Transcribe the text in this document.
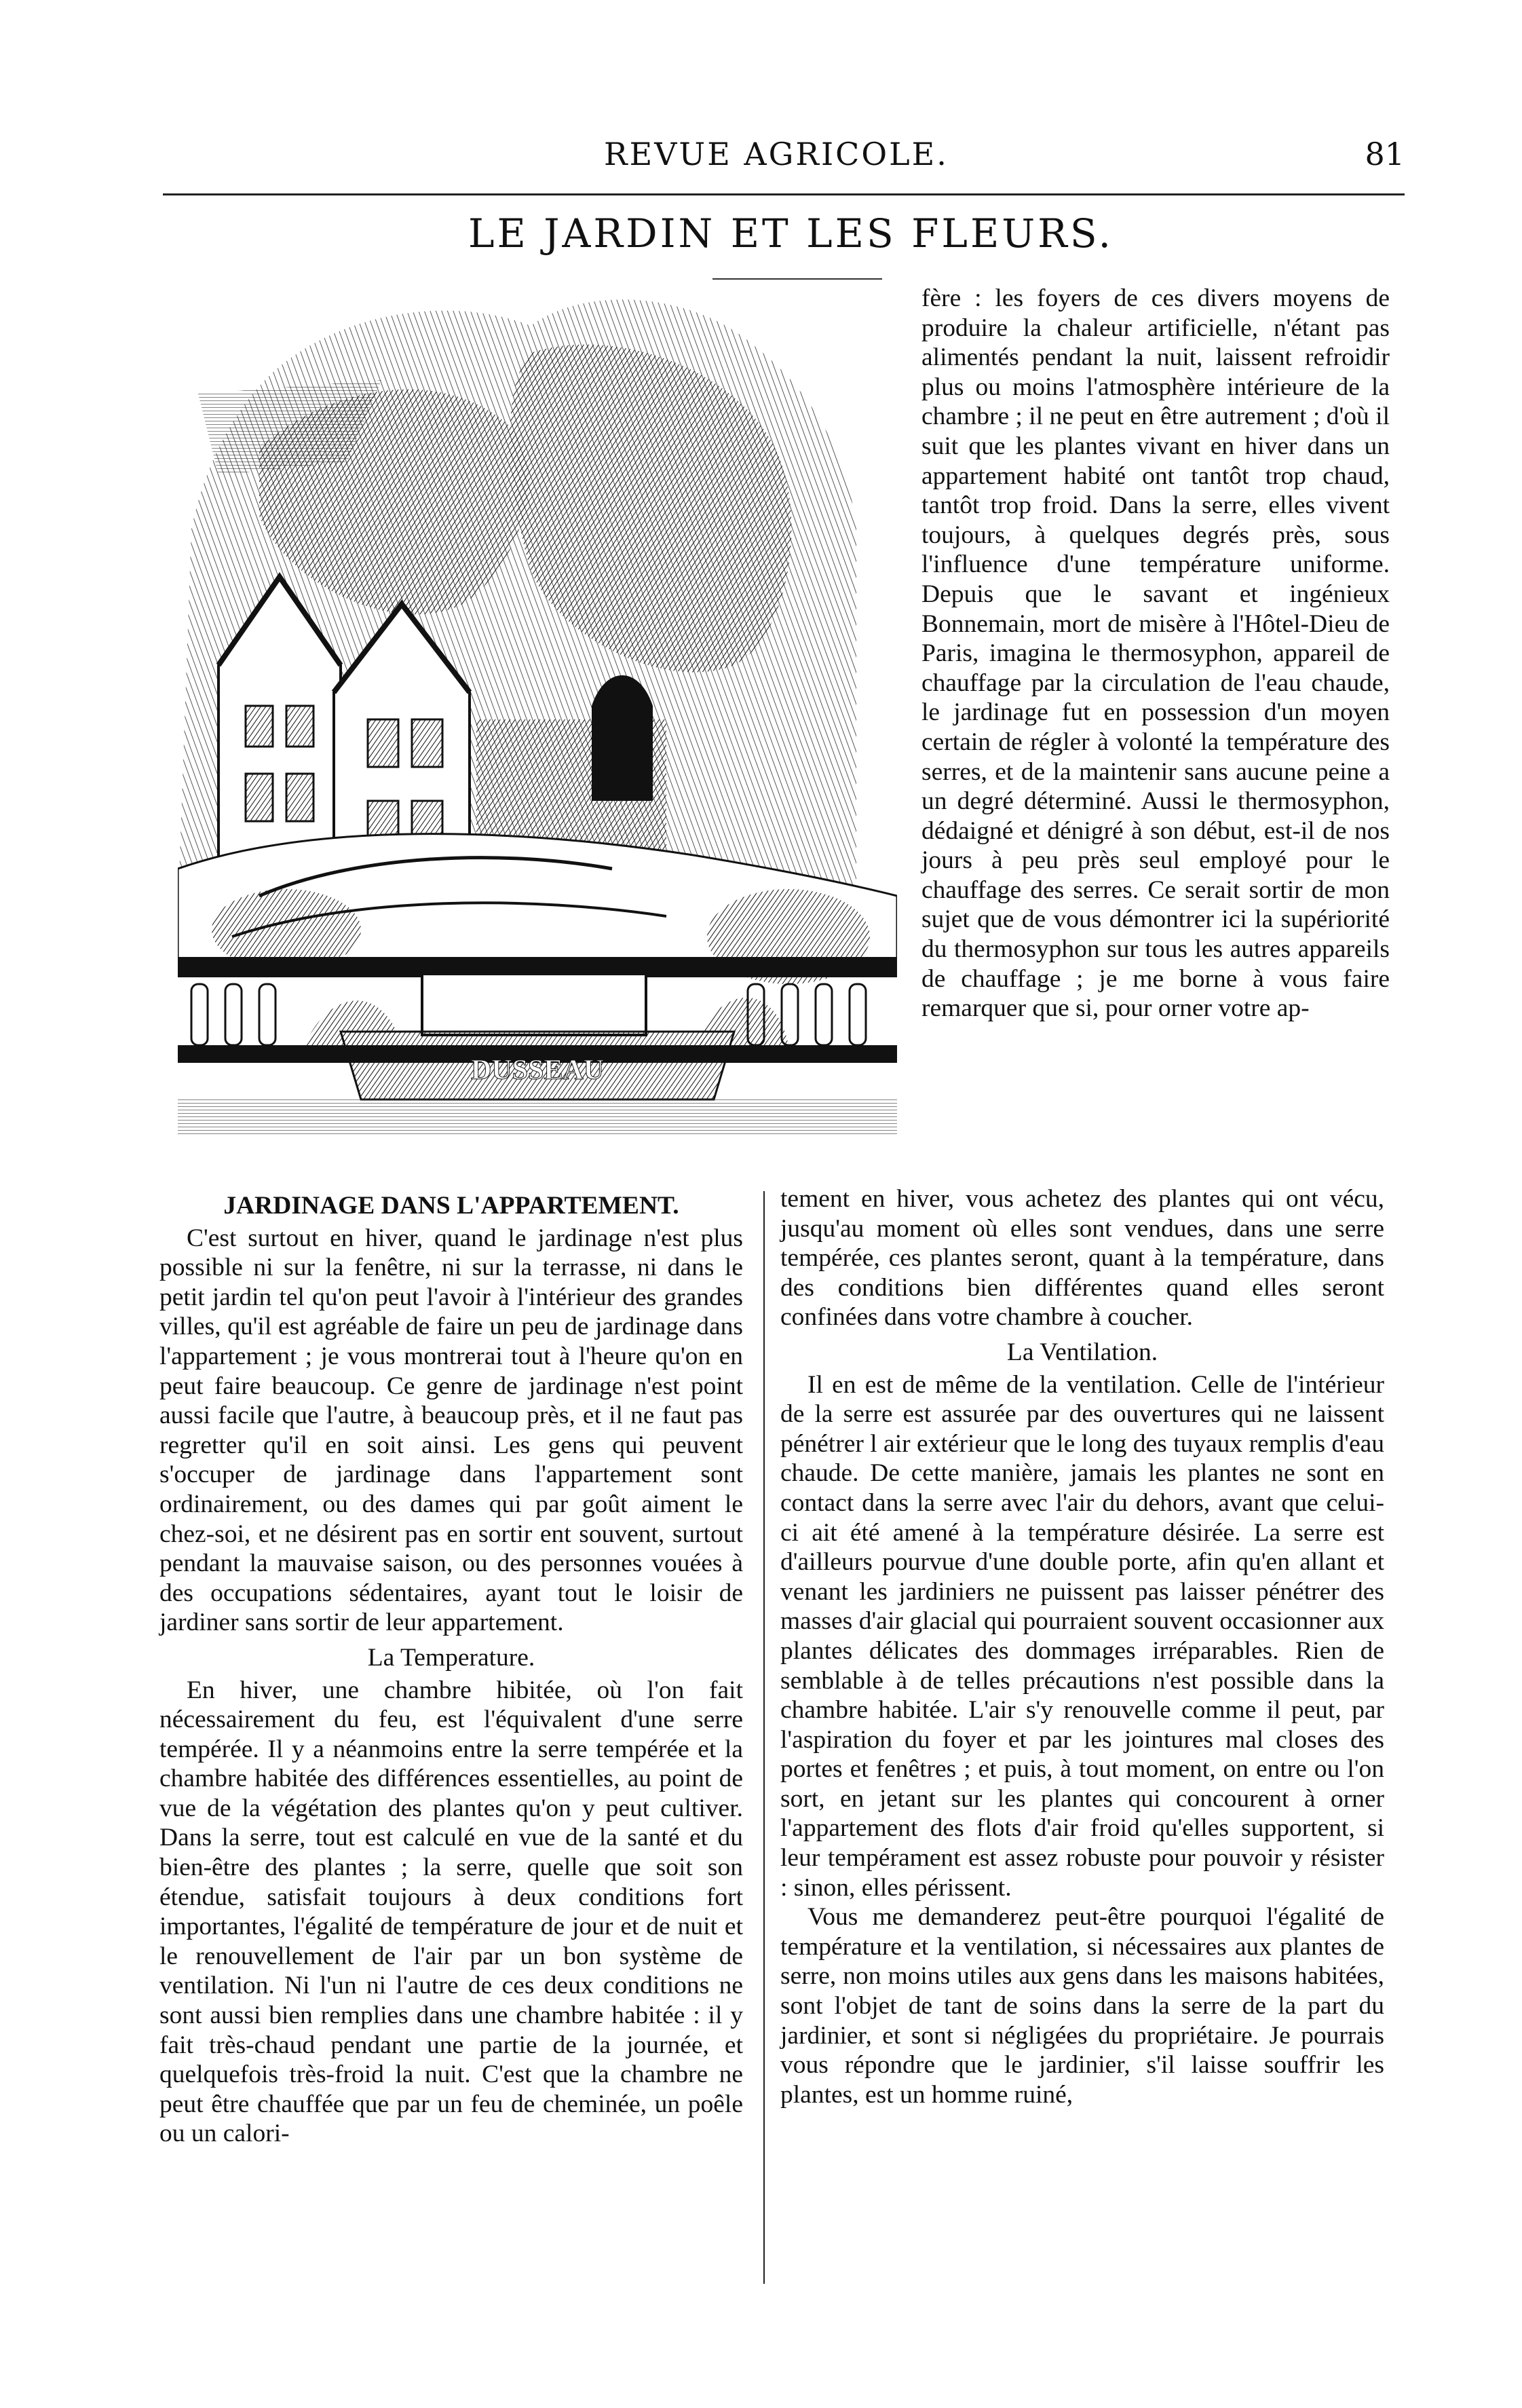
REVUE AGRICOLE.	81
LE JARDIN ET LES FLEURS.
DUSSEAU

fère : les foyers de ces divers moyens de produire la chaleur artificielle, n'étant pas alimentés pendant la nuit, laissent refroidir plus ou moins l'atmosphère intérieure de la chambre ; il ne peut en être autrement ; d'où il suit que les plantes vivant en hiver dans un appartement habité ont tantôt trop chaud, tantôt trop froid. Dans la serre, elles vivent toujours, à quelques degrés près, sous l'influence d'une température uniforme. Depuis que le savant et ingénieux Bonnemain, mort de misère à l'Hôtel-Dieu de Paris, imagina le thermosyphon, appareil de chauffage par la circulation de l'eau chaude, le jardinage fut en possession d'un moyen certain de régler à volonté la température des serres, et de la maintenir sans aucune peine a un degré déterminé. Aussi le thermosyphon, dédaigné et dénigré à son début, est-il de nos jours à peu près seul employé pour le chauffage des serres. Ce serait sortir de mon sujet que de vous démontrer ici la supériorité du thermosyphon sur tous les autres appareils de chauffage ; je me borne à vous faire remarquer que si, pour orner votre ap-

JARDINAGE DANS L'APPARTEMENT.

C'est surtout en hiver, quand le jardinage n'est plus possible ni sur la fenêtre, ni sur la terrasse, ni dans le petit jardin tel qu'on peut l'avoir à l'intérieur des grandes villes, qu'il est agréable de faire un peu de jardinage dans l'appartement ; je vous montrerai tout à l'heure qu'on en peut faire beaucoup. Ce genre de jardinage n'est point aussi facile que l'autre, à beaucoup près, et il ne faut pas regretter qu'il en soit ainsi. Les gens qui peuvent s'occuper de jardinage dans l'appartement sont ordinairement, ou des dames qui par goût aiment le chez-soi, et ne désirent pas en sortir ent souvent, surtout pendant la mauvaise saison, ou des personnes vouées à des occupations sédentaires, ayant tout le loisir de jardiner sans sortir de leur appartement.

La Temperature.

En hiver, une chambre hibitée, où l'on fait nécessairement du feu, est l'équivalent d'une serre tempérée. Il y a néanmoins entre la serre tempérée et la chambre habitée des différences essentielles, au point de vue de la végétation des plantes qu'on y peut cultiver. Dans la serre, tout est calculé en vue de la santé et du bien-être des plantes ; la serre, quelle que soit son étendue, satisfait toujours à deux conditions fort importantes, l'égalité de température de jour et de nuit et le renouvellement de l'air par un bon système de ventilation. Ni l'un ni l'autre de ces deux conditions ne sont aussi bien remplies dans une chambre habitée : il y fait très-chaud pendant une partie de la journée, et quelquefois très-froid la nuit. C'est que la chambre ne peut être chauffée que par un feu de cheminée, un poêle ou un calori-

tement en hiver, vous achetez des plantes qui ont vécu, jusqu'au moment où elles sont vendues, dans une serre tempérée, ces plantes seront, quant à la température, dans des conditions bien différentes quand elles seront confinées dans votre chambre à coucher.

La Ventilation.

Il en est de même de la ventilation. Celle de l'intérieur de la serre est assurée par des ouvertures qui ne laissent pénétrer l air extérieur que le long des tuyaux remplis d'eau chaude. De cette manière, jamais les plantes ne sont en contact dans la serre avec l'air du dehors, avant que celui-ci ait été amené à la température désirée. La serre est d'ailleurs pourvue d'une double porte, afin qu'en allant et venant les jardiniers ne puissent pas laisser pénétrer des masses d'air glacial qui pourraient souvent occasionner aux plantes délicates des dommages irréparables. Rien de semblable à de telles précautions n'est possible dans la chambre habitée. L'air s'y renouvelle comme il peut, par l'aspiration du foyer et par les jointures mal closes des portes et fenêtres ; et puis, à tout moment, on entre ou l'on sort, en jetant sur les plantes qui concourent à orner l'appartement des flots d'air froid qu'elles supportent, si leur tempérament est assez robuste pour pouvoir y résister : sinon, elles périssent.

Vous me demanderez peut-être pourquoi l'égalité de température et la ventilation, si nécessaires aux plantes de serre, non moins utiles aux gens dans les maisons habitées, sont l'objet de tant de soins dans la serre de la part du jardinier, et sont si négligées du propriétaire. Je pourrais vous répondre que le jardinier, s'il laisse souffrir les plantes, est un homme ruiné,
